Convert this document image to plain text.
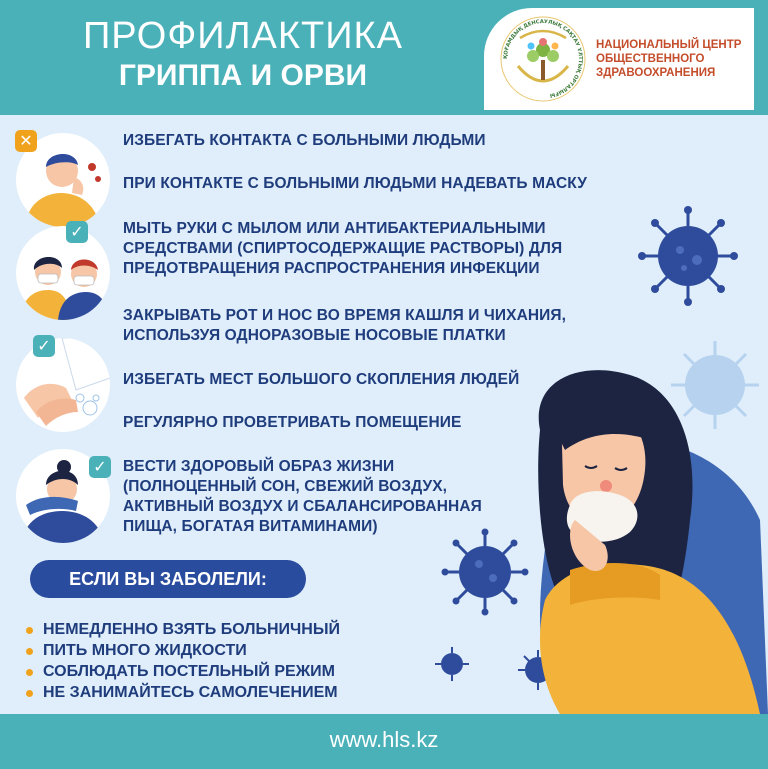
ПРОФИЛАКТИКА
ГРИППА И ОРВИ
ҚОҒАМДЫҚ ДЕНСАУЛЫҚ САҚТАУ ҰЛТТЫҚ ОРТАЛЫҒЫ
НАЦИОНАЛЬНЫЙ ЦЕНТР
ОБЩЕСТВЕННОГО
ЗДРАВООХРАНЕНИЯ
✕
✓
✓
✓
ИЗБЕГАТЬ КОНТАКТА С БОЛЬНЫМИ ЛЮДЬМИ
ПРИ КОНТАКТЕ С БОЛЬНЫМИ ЛЮДЬМИ НАДЕВАТЬ МАСКУ
МЫТЬ РУКИ С МЫЛОМ ИЛИ АНТИБАКТЕРИАЛЬНЫМИ
СРЕДСТВАМИ (СПИРТОСОДЕРЖАЩИЕ РАСТВОРЫ) ДЛЯ
ПРЕДОТВРАЩЕНИЯ РАСПРОСТРАНЕНИЯ ИНФЕКЦИИ
ЗАКРЫВАТЬ РОТ И НОС ВО ВРЕМЯ КАШЛЯ И ЧИХАНИЯ,
ИСПОЛЬЗУЯ ОДНОРАЗОВЫЕ НОСОВЫЕ ПЛАТКИ
ИЗБЕГАТЬ МЕСТ БОЛЬШОГО СКОПЛЕНИЯ ЛЮДЕЙ
РЕГУЛЯРНО ПРОВЕТРИВАТЬ ПОМЕЩЕНИЕ
ВЕСТИ ЗДОРОВЫЙ ОБРАЗ ЖИЗНИ
(ПОЛНОЦЕННЫЙ СОН, СВЕЖИЙ ВОЗДУХ,
АКТИВНЫЙ ВОЗДУХ И СБАЛАНСИРОВАННАЯ
ПИЩА, БОГАТАЯ ВИТАМИНАМИ)
ЕСЛИ ВЫ ЗАБОЛЕЛИ:
НЕМЕДЛЕННО ВЗЯТЬ БОЛЬНИЧНЫЙ
ПИТЬ МНОГО ЖИДКОСТИ
СОБЛЮДАТЬ ПОСТЕЛЬНЫЙ РЕЖИМ
НЕ ЗАНИМАЙТЕСЬ САМОЛЕЧЕНИЕМ
www.hls.kz
